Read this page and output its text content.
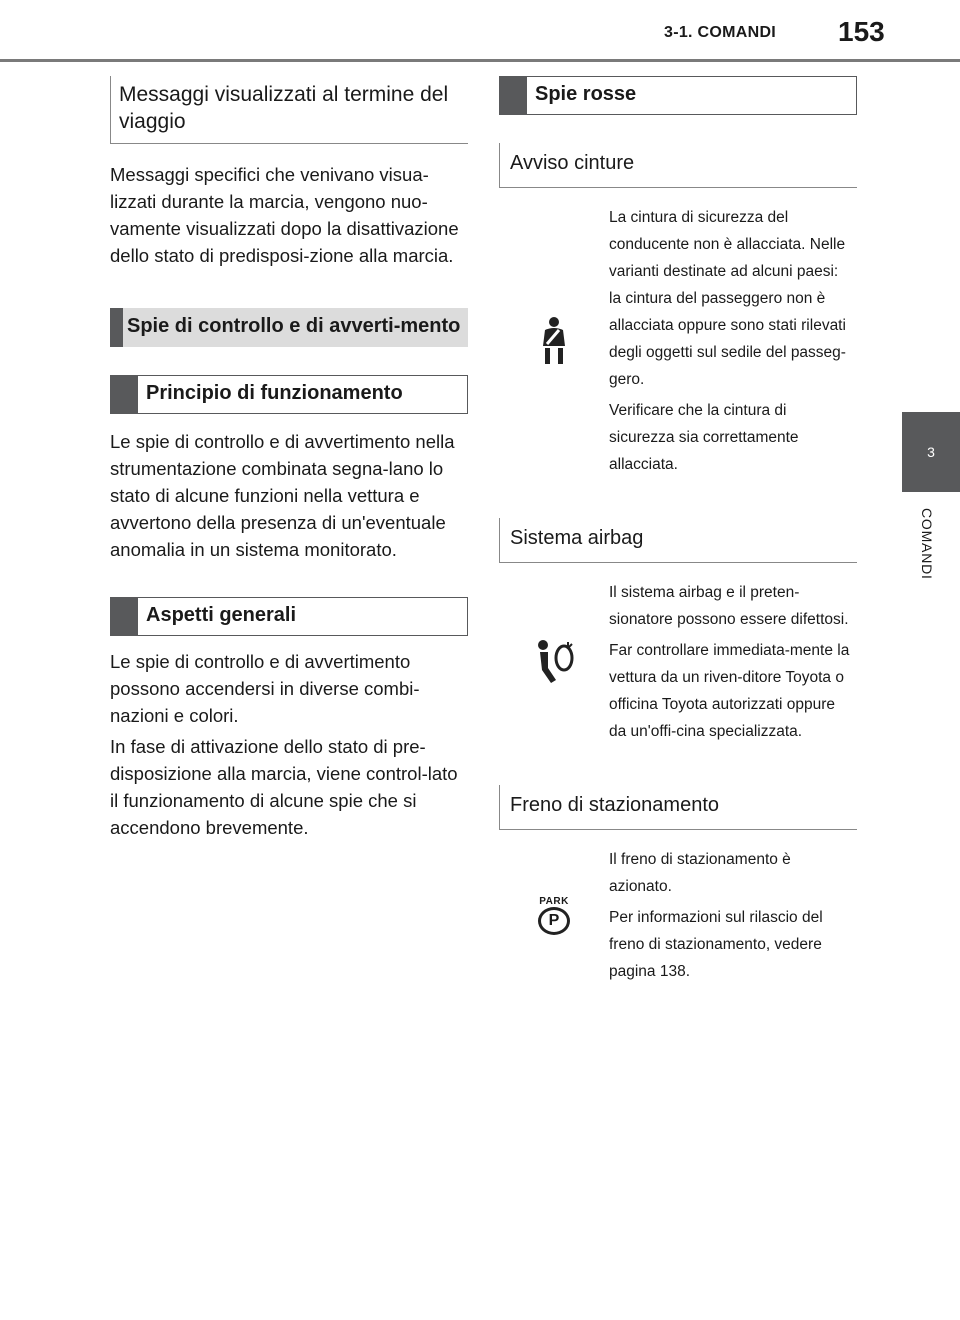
3-1. COMANDI 153
3
COMANDI
Messaggi visualizzati al termine del viaggio

Messaggi specifici che venivano visua-lizzati durante la marcia, vengono nuo-vamente visualizzati dopo la disattivazione dello stato di predisposi-zione alla marcia.

Spie di controllo e di avverti-mento
Principio di funzionamento

Le spie di controllo e di avvertimento nella strumentazione combinata segna-lano lo stato di alcune funzioni nella vettura e avvertono della presenza di un'eventuale anomalia in un sistema monitorato.

Aspetti generali

Le spie di controllo e di avvertimento possono accendersi in diverse combi-nazioni e colori.

In fase di attivazione dello stato di pre-disposizione alla marcia, viene control-lato il funzionamento di alcune spie che si accendono brevemente.

Spie rosse
Avviso cinture

La cintura di sicurezza del conducente non è allacciata. Nelle varianti destinate ad alcuni paesi: la cintura del passeggero non è allacciata oppure sono stati rilevati degli oggetti sul sedile del passeg-gero.

Verificare che la cintura di sicurezza sia correttamente allacciata.

Sistema airbag

Il sistema airbag e il preten-sionatore possono essere difettosi.

Far controllare immediata-mente la vettura da un riven-ditore Toyota o officina Toyota autorizzati oppure da un'offi-cina specializzata.

Freno di stazionamento
PARK
P

Il freno di stazionamento è azionato.

Per informazioni sul rilascio del freno di stazionamento, vedere pagina 138.
